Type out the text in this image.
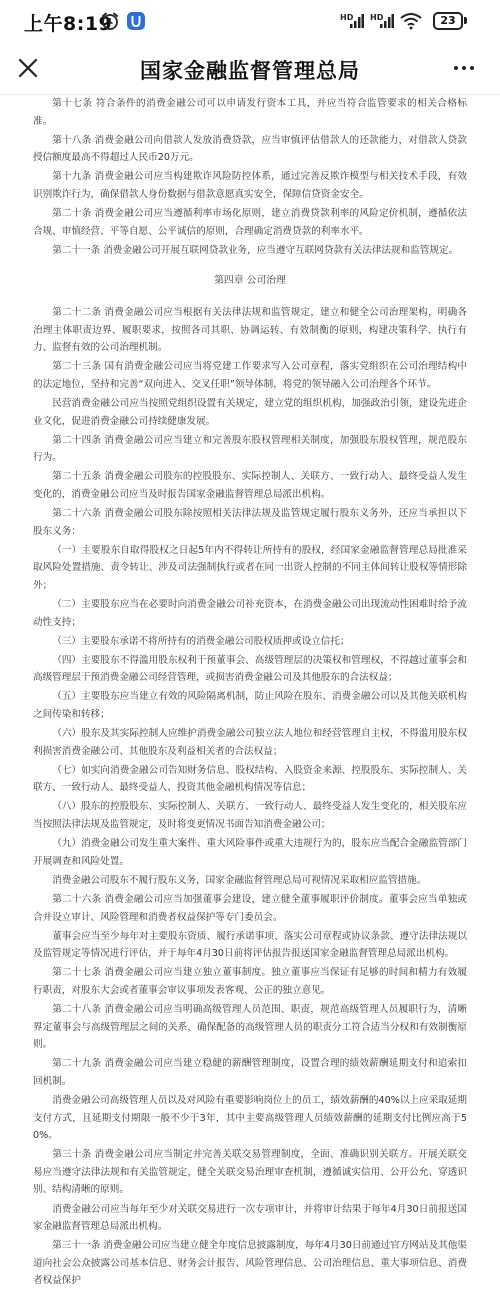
上午8:19	HD HD	23
国家金融监督管理总局

第十七条 符合条件的消费金融公司可以申请发行资本工具，并应当符合监管要求的相关合格标准。

第十八条 消费金融公司向借款人发放消费贷款，应当审慎评估借款人的还款能力，对借款人贷款授信额度最高不得超过人民币20万元。

第十九条 消费金融公司应当构建欺诈风险防控体系，通过完善反欺诈模型与相关技术手段，有效识别欺诈行为，确保借款人身份数据与借款意愿真实安全，保障信贷资金安全。

第二十条 消费金融公司应当遵循利率市场化原则，建立消费贷款利率的风险定价机制，遵循依法合规、审慎经营、平等自愿、公平诚信的原则，合理确定消费贷款的利率水平。

第二十一条 消费金融公司开展互联网贷款业务，应当遵守互联网贷款有关法律法规和监管规定。

第四章 公司治理

第二十二条 消费金融公司应当根据有关法律法规和监管规定，建立和健全公司治理架构，明确各治理主体职责边界、履职要求，按照各司其职、协调运转、有效制衡的原则，构建决策科学、执行有力、监督有效的公司治理机制。

第二十三条 国有消费金融公司应当将党建工作要求写入公司章程，落实党组织在公司治理结构中的法定地位，坚持和完善“双向进入、交叉任职”领导体制，将党的领导融入公司治理各个环节。

民营消费金融公司应当按照党组织设置有关规定，建立党的组织机构，加强政治引领，建设先进企业文化，促进消费金融公司持续健康发展。

第二十四条 消费金融公司应当建立和完善股东股权管理相关制度，加强股东股权管理，规范股东行为。

第二十五条 消费金融公司股东的控股股东、实际控制人、关联方、一致行动人、最终受益人发生变化的，消费金融公司应当及时报告国家金融监督管理总局派出机构。

第二十六条 消费金融公司股东除按照相关法律法规及监管规定履行股东义务外，还应当承担以下股东义务：

（一）主要股东自取得股权之日起5年内不得转让所持有的股权，经国家金融监督管理总局批准采取风险处置措施、责令转让、涉及司法强制执行或者在同一出资人控制的不同主体间转让股权等情形除外；

（二）主要股东应当在必要时向消费金融公司补充资本，在消费金融公司出现流动性困难时给予流动性支持；

（三）主要股东承诺不将所持有的消费金融公司股权质押或设立信托；

（四）主要股东不得滥用股东权利干预董事会、高级管理层的决策权和管理权，不得越过董事会和高级管理层干预消费金融公司经营管理，或损害消费金融公司及其他股东的合法权益；

（五）主要股东应当建立有效的风险隔离机制，防止风险在股东、消费金融公司以及其他关联机构之间传染和转移；

（六）股东及其实际控制人应维护消费金融公司独立法人地位和经营管理自主权，不得滥用股东权利损害消费金融公司、其他股东及利益相关者的合法权益；

（七）如实向消费金融公司告知财务信息、股权结构、入股资金来源、控股股东、实际控制人、关联方、一致行动人、最终受益人、投资其他金融机构情况等信息；

（八）股东的控股股东、实际控制人、关联方、一致行动人、最终受益人发生变化的，相关股东应当按照法律法规及监管规定，及时将变更情况书面告知消费金融公司；

（九）消费金融公司发生重大案件、重大风险事件或重大违规行为的，股东应当配合金融监管部门开展调查和风险处置。

消费金融公司股东不履行股东义务，国家金融监督管理总局可视情况采取相应监管措施。

第二十六条 消费金融公司应当加强董事会建设，建立健全董事履职评价制度。董事会应当单独或合并设立审计、风险管理和消费者权益保护等专门委员会。

董事会应当至少每年对主要股东资质、履行承诺事项、落实公司章程或协议条款、遵守法律法规以及监管规定等情况进行评估，并于每年4月30日前将评估报告报送国家金融监督管理总局派出机构。

第二十七条 消费金融公司应当建立独立董事制度。独立董事应当保证有足够的时间和精力有效履行职责，对股东大会或者董事会审议事项发表客观、公正的独立意见。

第二十八条 消费金融公司应当明确高级管理人员范围、职责，规范高级管理人员履职行为，清晰界定董事会与高级管理层之间的关系，确保配备的高级管理人员的职责分工符合适当分权和有效制衡原则。

第二十九条 消费金融公司应当建立稳健的薪酬管理制度，设置合理的绩效薪酬延期支付和追索扣回机制。

消费金融公司高级管理人员以及对风险有重要影响岗位上的员工，绩效薪酬的40%以上应采取延期支付方式，且延期支付期限一般不少于3年，其中主要高级管理人员绩效薪酬的延期支付比例应高于50%。

第三十条 消费金融公司应当制定并完善关联交易管理制度，全面、准确识别关联方。开展关联交易应当遵守法律法规和有关监管规定，健全关联交易治理审查机制，遵循诚实信用、公开公允、穿透识别、结构清晰的原则。

消费金融公司应当每年至少对关联交易进行一次专项审计，并将审计结果于每年4月30日前报送国家金融监督管理总局派出机构。

第三十一条 消费金融公司应当建立健全年度信息披露制度，每年4月30日前通过官方网站及其他渠道向社会公众披露公司基本信息、财务会计报告、风险管理信息、公司治理信息、重大事项信息、消费者权益保护
